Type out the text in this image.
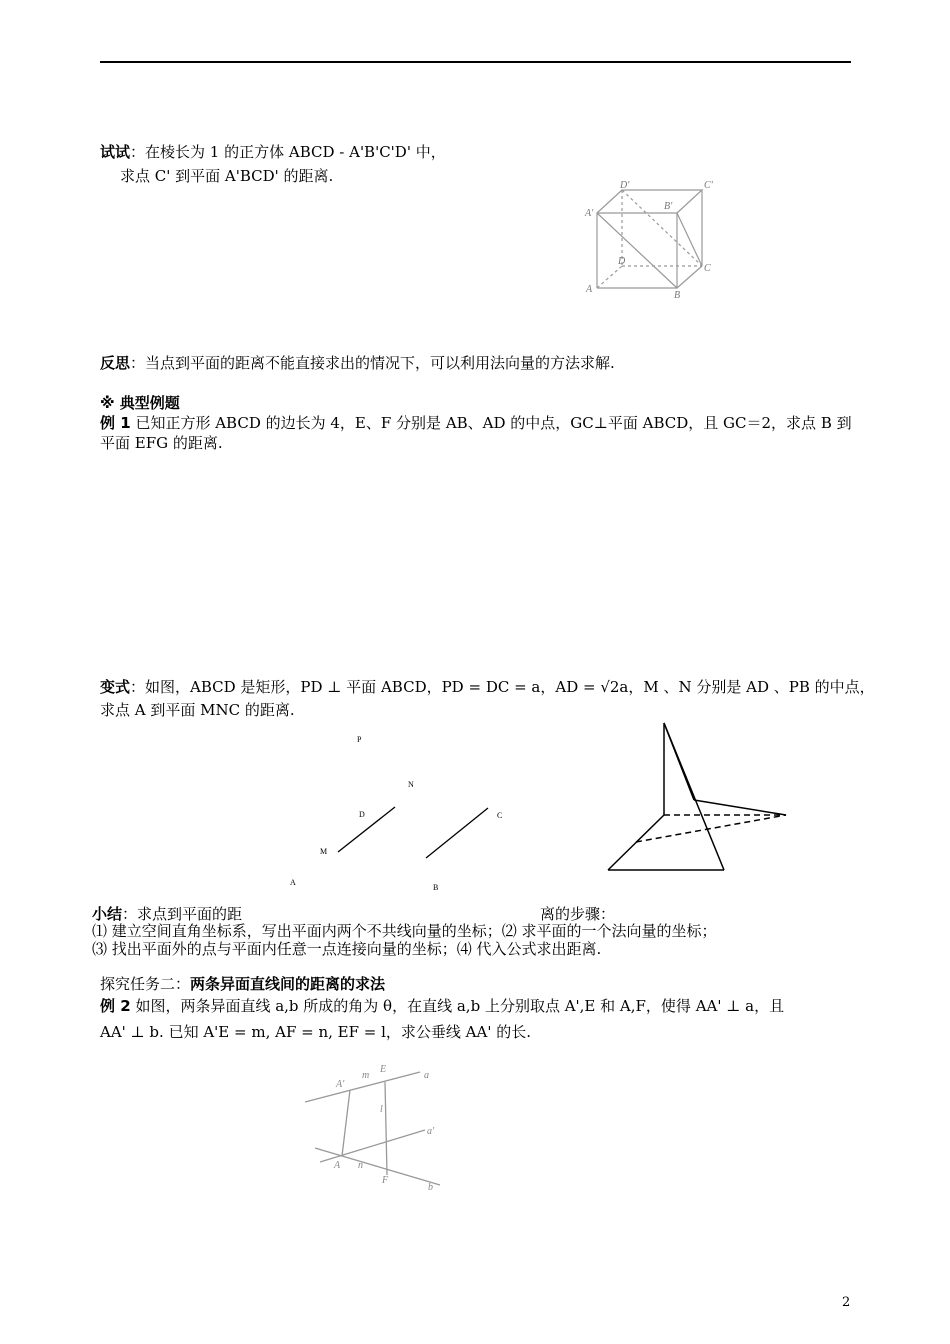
试试：在棱长为 1 的正方体 ABCD - A'B'C'D' 中，
求点 C' 到平面 A'BCD' 的距离.
D'	C'
A'
B'
D
C
A
B
反思：当点到平面的距离不能直接求出的情况下，可以利用法向量的方法求解.
※ 典型例题
例 1 已知正方形 ABCD 的边长为 4，E、F 分别是 AB、AD 的中点，GC⊥平面 ABCD，且 GC＝2，求点 B 到
平面 EFG 的距离.
变式：如图，ABCD 是矩形，PD ⊥ 平面 ABCD，PD = DC = a，AD = √2a，M 、N 分别是 AD 、PB 的中点，
求点 A 到平面 MNC 的距离.
P
N
D	C
M
A
B
小结：求点到平面的距	离的步骤：
⑴ 建立空间直角坐标系，写出平面内两个不共线向量的坐标；⑵ 求平面的一个法向量的坐标；
⑶ 找出平面外的点与平面内任意一点连接向量的坐标；⑷ 代入公式求出距离.
探究任务二：两条异面直线间的距离的求法
例 2 如图，两条异面直线 a,b 所成的角为 θ，在直线 a,b 上分别取点 A',E 和 A,F，使得 AA' ⊥ a，且
AA' ⊥ b. 已知 A'E = m, AF = n, EF = l，求公垂线 AA' 的长.
A'
m
E
a
l
a'
A n
F
b
2
